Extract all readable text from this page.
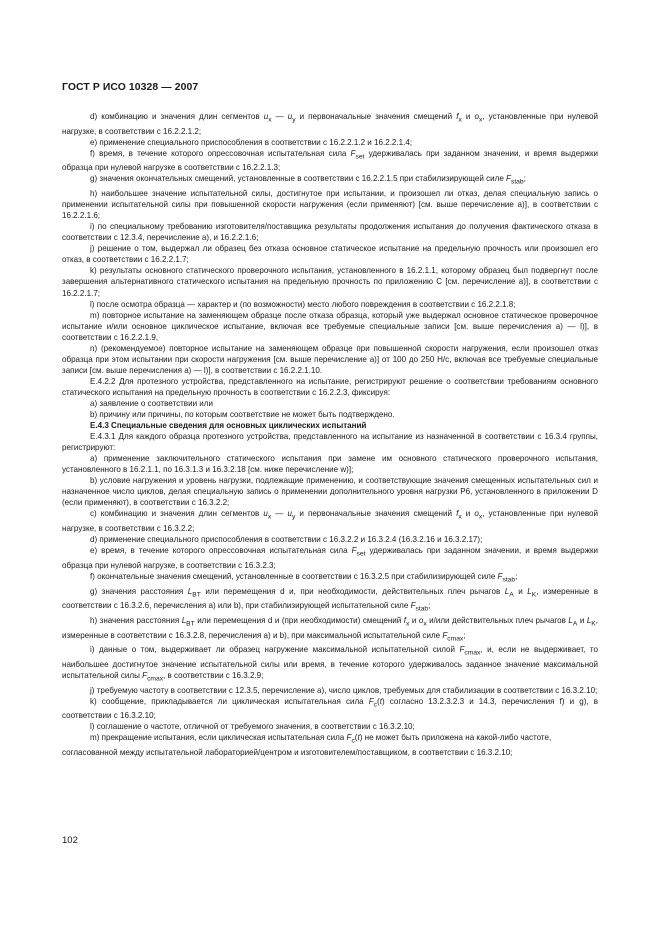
ГОСТ Р ИСО 10328 — 2007

d) комбинацию и значения длин сегментов $u_x$ — $u_y$ и первоначальные значения смещений $f_x$ и $o_x$, установленные при нулевой нагрузке, в соответствии с 16.2.2.1.2;

e) применение специального приспособления в соответствии с 16.2.2.1.2 и 16.2.2.1.4;

f) время, в течение которого опрессовочная испытательная сила $F_{set}$ удерживалась при заданном значении, и время выдержки образца при нулевой нагрузке в соответствии с 16.2.2.1.3;

g) значения окончательных смещений, установленные в соответствии с 16.2.2.1.5 при стабилизирующей силе $F_{stab}$;

h) наибольшее значение испытательной силы, достигнутое при испытании, и произошел ли отказ, делая специальную запись о применении испытательной силы при повышенной скорости нагружения (если применяют) [см. выше перечисление а)], в соответствии с 16.2.2.1.6;

i) по специальному требованию изготовителя/поставщика результаты продолжения испытания до получения фактического отказа в соответствии с 12.3.4, перечисление а), и 16.2.2.1.6;

j) решение о том, выдержал ли образец без отказа основное статическое испытание на предельную прочность или произошел его отказ, в соответствии с 16.2.2.1.7;

k) результаты основного статического проверочного испытания, установленного в 16.2.1.1, которому образец был подвергнут после завершения альтернативного статического испытания на предельную прочность по приложению С [см. перечисление а)], в соответствии с 16.2.2.1.7;

l) после осмотра образца — характер и (по возможности) место любого повреждения в соответствии с 16.2.2.1.8;

m) повторное испытание на заменяющем образце после отказа образца, который уже выдержал основное статическое проверочное испытание и/или основное циклическое испытание, включая все требуемые специальные записи [см. выше перечисления а) — l)], в соответствии с 16.2.2.1.9,

n) (рекомендуемое) повторное испытание на заменяющем образце при повышенной скорости нагружения, если произошел отказ образца при этом испытании при скорости нагружения [см. выше перечисление а)] от 100 до 250 Н/с, включая все требуемые специальные записи [см. выше перечисления а) — l)], в соответствии с 16.2.2.1.10.

Е.4.2.2 Для протезного устройства, представленного на испытание, регистрируют решение о соответствии требованиям основного статического испытания на предельную прочность в соответствии с 16.2.2.3, фиксируя:

а) заявление о соответствии или

b) причину или причины, по которым соответствие не может быть подтверждено.

Е.4.3 Специальные сведения для основных циклических испытаний

Е.4.3.1 Для каждого образца протезного устройства, представленного на испытание из назначенной в соответствии с 16.3.4 группы, регистрируют:

а) применение заключительного статического испытания при замене им основного статического проверочного испытания, установленного в 16.2.1.1, по 16.3.1.3 и 16.3.2.18 [см. ниже перечисление w)];

b) условие нагружения и уровень нагрузки, подлежащие применению, и соответствующие значения смещенных испытательных сил и назначенное число циклов, делая специальную запись о применении дополнительного уровня нагрузки Р6, установленного в приложении D (если применяют), в соответствии с 16.3.2.2;

c) комбинацию и значения длин сегментов $u_x$ — $u_y$ и первоначальные значения смещений $f_x$ и $o_x$, установленные при нулевой нагрузке, в соответствии с 16.3.2.2;

d) применение специального приспособления в соответствии с 16.3.2.2 и 16.3.2.4 (16.3.2.16 и 16.3.2.17);

e) время, в течение которого опрессовочная испытательная сила $F_{set}$ удерживалась при заданном значении, и время выдержки образца при нулевой нагрузке, в соответствии с 16.3.2.3;

f) окончательные значения смещений, установленные в соответствии с 16.3.2.5 при стабилизирующей силе $F_{stab}$;

g) значения расстояния $L_{BT}$ или перемещения d и, при необходимости, действительных плеч рычагов $L_A$ и $L_K$, измеренные в соответствии с 16.3.2.6, перечисления а) или b), при стабилизирующей испытательной силе $F_{stab}$;

h) значения расстояния $L_{BT}$ или перемещения d и (при необходимости) смещений $f_x$ и $o_x$ и/или действительных плеч рычагов $L_A$ и $L_K$, измеренные в соответствии с 16.3.2.8, перечисления а) и b), при максимальной испытательной силе $F_{cmax}$;

i) данные о том, выдерживает ли образец нагружение максимальной испытательной силой $F_{cmax}$, и, если не выдерживает, то наибольшее достигнутое значение испытательной силы или время, в течение которого удерживалось заданное значение максимальной испытательной силы $F_{cmax}$, в соответствии с 16.3.2.9;

j) требуемую частоту в соответствии с 12.3.5, перечисление а), число циклов, требуемых для стабилизации в соответствии с 16.3.2.10;

k) сообщение, прикладывается ли циклическая испытательная сила $F_c(t)$ согласно 13.2.3.2.3 и 14.3, перечисления f) и g), в соответствии с 16.3.2.10;

l) соглашение о частоте, отличной от требуемого значения, в соответствии с 16.3.2.10;

m) прекращение испытания, если циклическая испытательная сила $F_c(t)$ не может быть приложена на какой-либо частоте, согласованной между испытательной лабораторией/центром и изготовителем/поставщиком, в соответствии с 16.3.2.10;

102
